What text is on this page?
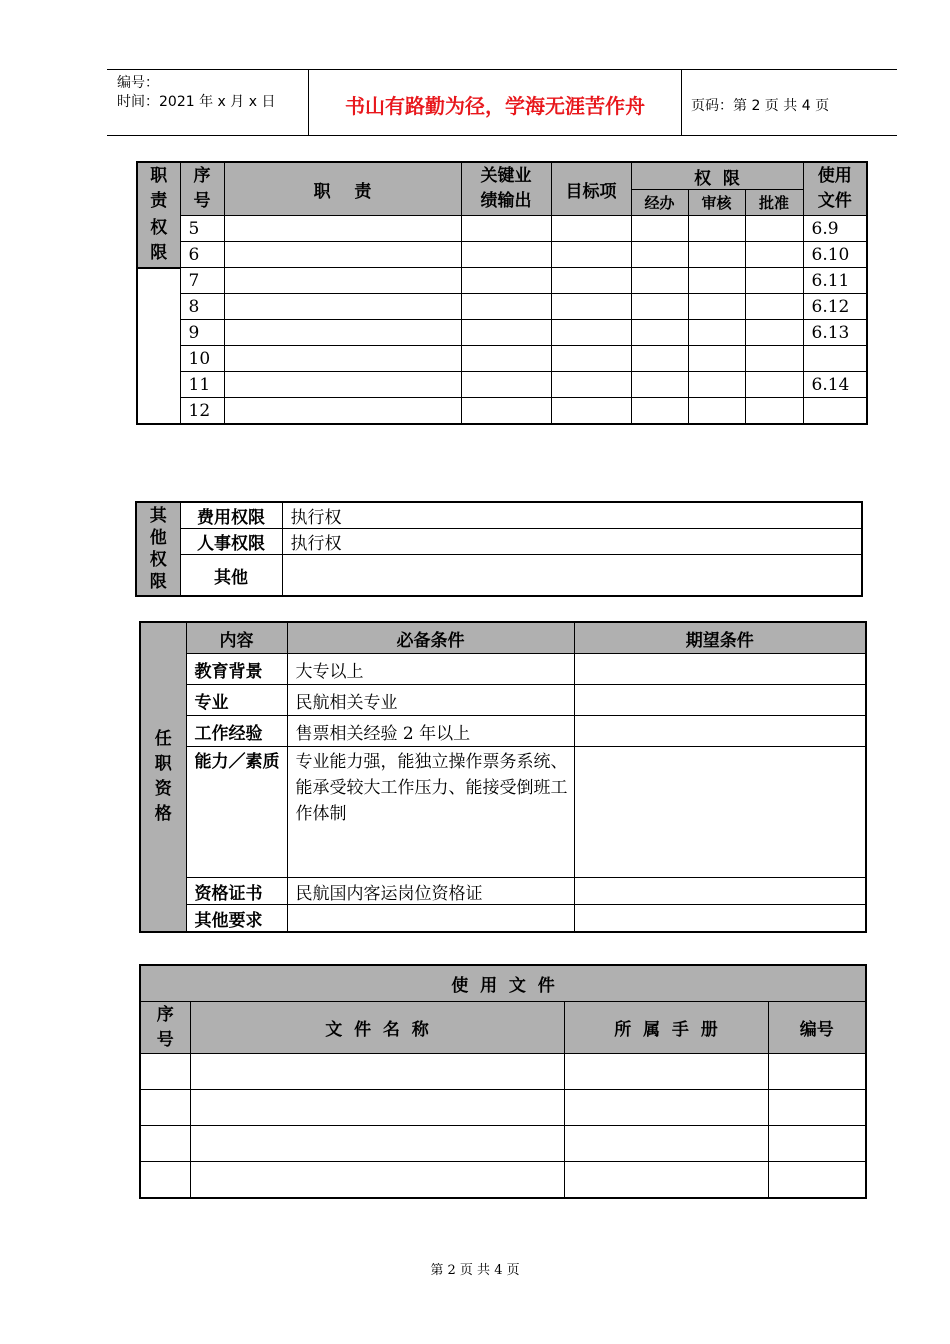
编号：
时间：2021 年 x 月 x 日	书山有路勤为径，学海无涯苦作舟	页码：第 2 页 共 4 页
职责	序号	职    责	关键业绩输出	目标项	权  限			使用文件

					经办	审核	批准	

权限	5							6.9
	6							6.10
	7							6.11
	8							6.12
	9							6.13
	10							
	11							6.14
	12							
其他权限	费用权限	执行权
	人事权限	执行权
	其他	
任职资格	内容	必备条件	期望条件
	教育背景	大专以上	
	专业	民航相关专业	
	工作经验	售票相关经验 2 年以上	
	能力／素质	专业能力强，能独立操作票务系统、能承受较大工作压力、能接受倒班工作体制	
	资格证书	民航国内客运岗位资格证	
	其他要求		
使  用  文  件			

序号	文  件  名  称	所  属  手  册	编号

第 2 页 共 4 页
